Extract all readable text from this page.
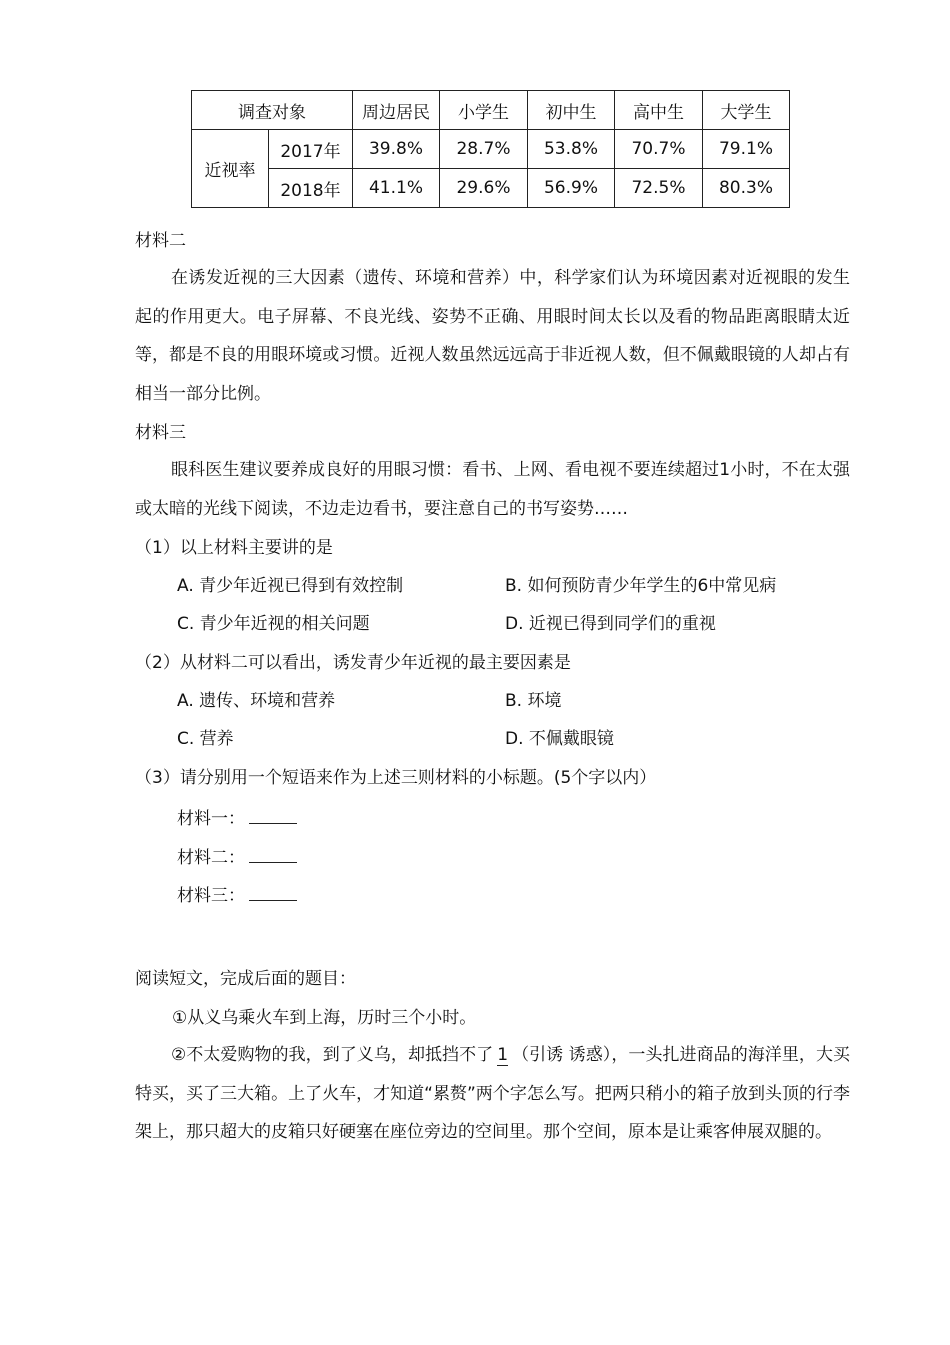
调查对象		周边居民	小学生	初中生	高中生	大学生
近视率	2017年	39.8%	28.7%	53.8%	70.7%	79.1%
	2018年	41.1%	29.6%	56.9%	72.5%	80.3%
材料二
在诱发近视的三大因素（遗传、环境和营养）中，科学家们认为环境因素对近视眼的发生起的作用更大。电子屏幕、不良光线、姿势不正确、用眼时间太长以及看的物品距离眼睛太近等，都是不良的用眼环境或习惯。近视人数虽然远远高于非近视人数，但不佩戴眼镜的人却占有相当一部分比例。
材料三
眼科医生建议要养成良好的用眼习惯：看书、上网、看电视不要连续超过1小时，不在太强或太暗的光线下阅读，不边走边看书，要注意自己的书写姿势……
（1）以上材料主要讲的是
A. 青少年近视已得到有效控制	B. 如何预防青少年学生的6中常见病
C. 青少年近视的相关问题	D. 近视已得到同学们的重视
（2）从材料二可以看出，诱发青少年近视的最主要因素是
A. 遗传、环境和营养	B. 环境
C. 营养	D. 不佩戴眼镜
（3）请分别用一个短语来作为上述三则材料的小标题。(5个字以内）
材料一：
材料二：
材料三：
阅读短文，完成后面的题目：
①从义乌乘火车到上海，历时三个小时。
②不太爱购物的我，到了义乌，却抵挡不了 1 （引诱 诱惑），一头扎进商品的海洋里，大买特买，买了三大箱。上了火车，才知道“累赘”两个字怎么写。把两只稍小的箱子放到头顶的行李架上，那只超大的皮箱只好硬塞在座位旁边的空间里。那个空间，原本是让乘客伸展双腿的。
